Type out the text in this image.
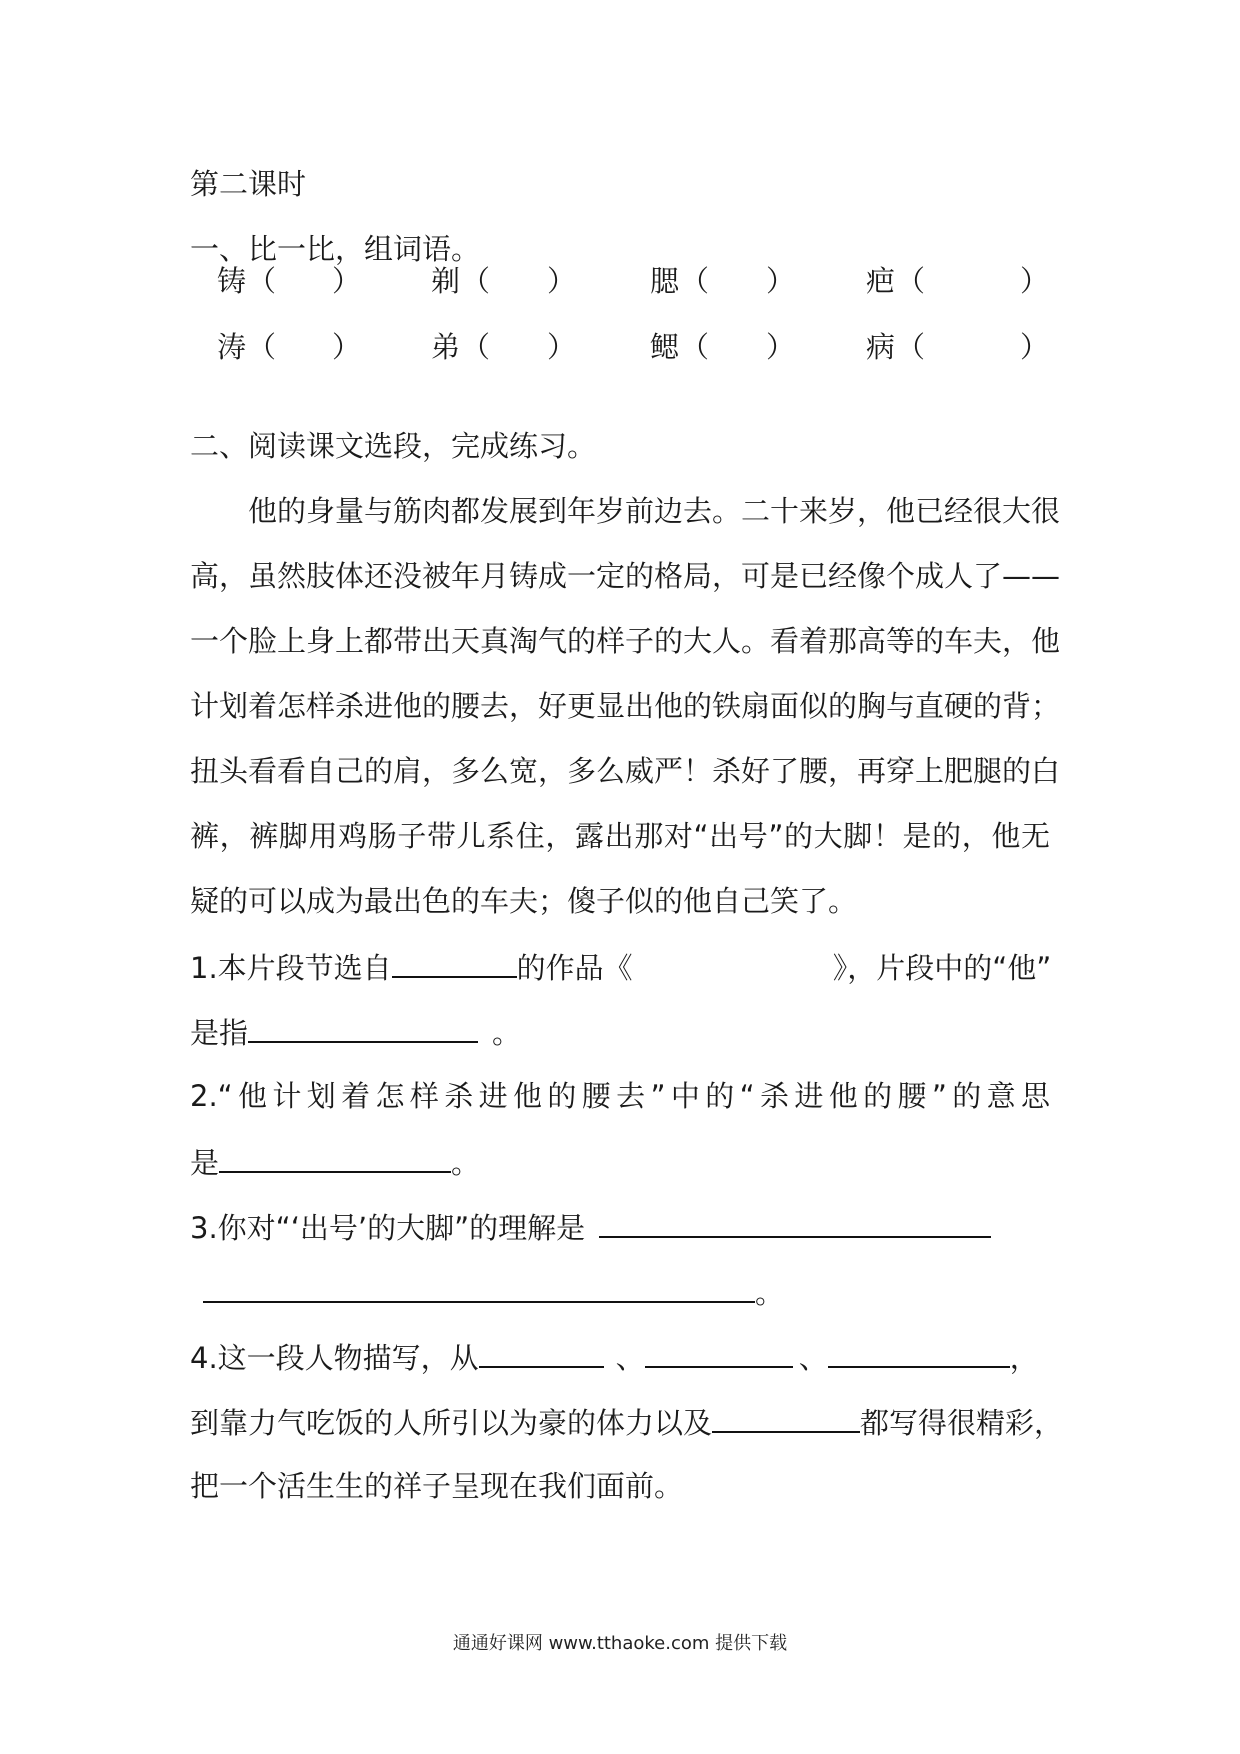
第二课时
一、比一比，组词语。
铸 （ ） 剃 （ ）	腮 （ ） 疤 （	）
涛 （ ） 弟 （ ）	鳃 （ ） 病 （	）
二、阅读课文选段，完成练习。
他的身量与筋肉都发展到年岁前边去。二十来岁，他已经很大很
高，虽然肢体还没被年月铸成一定的格局，可是已经像个成人了——
一个脸上身上都带出天真淘气的样子的大人。看着那高等的车夫，他
计划着怎样杀进他的腰去，好更显出他的铁扇面似的胸与直硬的背；
扭头看看自己的肩，多么宽，多么威严！杀好了腰，再穿上肥腿的白
裤，裤脚用鸡肠子带儿系住，露出那对“出号”的大脚！是的，他无
疑的可以成为最出色的车夫；傻子似的他自己笑了。
1.本片段节选自	的作品《	》，片段中的“他”
是指	。
2.“他计划着怎样杀进他的腰去”中的“杀进他的腰”的意思
是	。
3.你对“‘出号’的大脚”的理解是
。
4.这一段人物描写，从	、	、	，
到靠力气吃饭的人所引以为豪的体力以及	都写得很精彩，
把一个活生生的祥子呈现在我们面前。
通通好课网 www.tthaoke.com 提供下载
